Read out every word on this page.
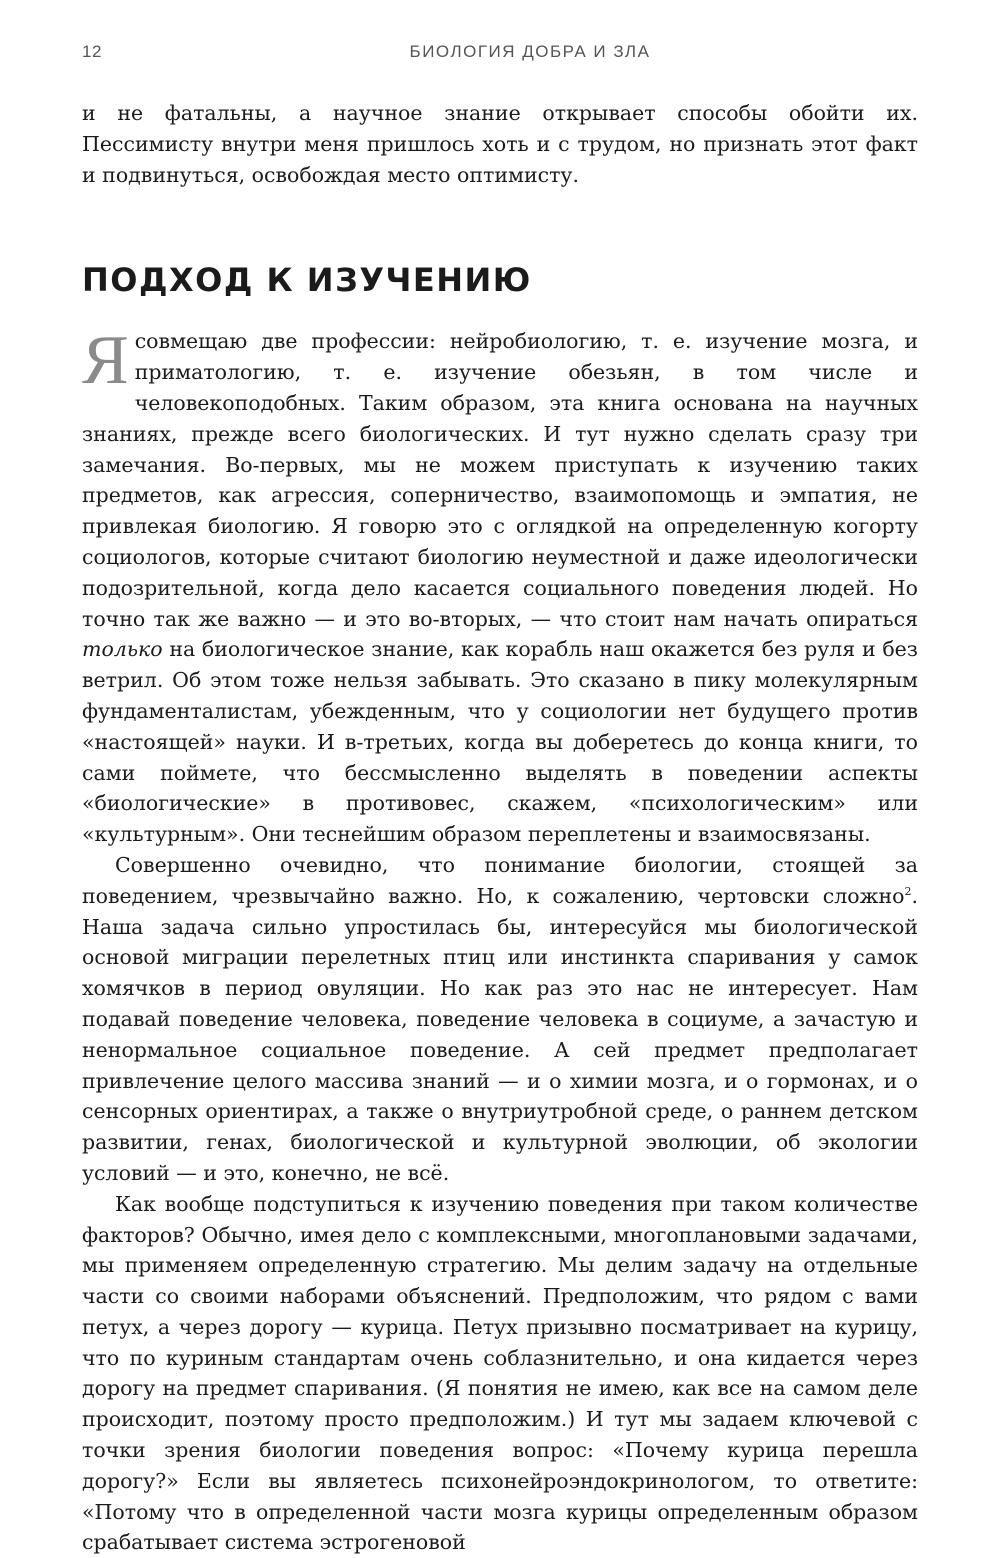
12	БИОЛОГИЯ ДОБРА И ЗЛА

и не фатальны, а научное знание открывает способы обойти их. Пессимисту внутри меня пришлось хоть и с трудом, но признать этот факт и подвинуться, освобождая место оптимисту.

ПОДХОД К ИЗУЧЕНИЮ

Ясовмещаю две профессии: нейробиологию, т. е. изучение мозга, и приматологию, т. е. изучение обезьян, в том числе и человекоподобных. Таким образом, эта книга основана на научных знаниях, прежде всего биологических. И тут нужно сделать сразу три замечания. Во-первых, мы не можем приступать к изучению таких предметов, как агрессия, соперничество, взаимопомощь и эмпатия, не привлекая биологию. Я говорю это с оглядкой на определенную когорту социологов, которые считают биологию неуместной и даже идеологически подозрительной, когда дело касается социального поведения людей. Но точно так же важно — и это во-вторых, — что стоит нам начать опираться только на биологическое знание, как корабль наш окажется без руля и без ветрил. Об этом тоже нельзя забывать. Это сказано в пику молекулярным фундаменталистам, убежденным, что у социологии нет будущего против «настоящей» науки. И в-третьих, когда вы доберетесь до конца книги, то сами поймете, что бессмысленно выделять в поведении аспекты «биологические» в противовес, скажем, «психологическим» или «культурным». Они теснейшим образом переплетены и взаимосвязаны.

Совершенно очевидно, что понимание биологии, стоящей за поведением, чрезвычайно важно. Но, к сожалению, чертовски сложно$^2$. Наша задача сильно упростилась бы, интересуйся мы биологической основой миграции перелетных птиц или инстинкта спаривания у самок хомячков в период овуляции. Но как раз это нас не интересует. Нам подавай поведение человека, поведение человека в социуме, а зачастую и ненормальное социальное поведение. А сей предмет предполагает привлечение целого массива знаний — и о химии мозга, и о гормонах, и о сенсорных ориентирах, а также о внутриутробной среде, о раннем детском развитии, генах, биологической и культурной эволюции, об экологии условий — и это, конечно, не всё.

Как вообще подступиться к изучению поведения при таком количестве факторов? Обычно, имея дело с комплексными, многоплановыми задачами, мы применяем определенную стратегию. Мы делим задачу на отдельные части со своими наборами объяснений. Предположим, что рядом с вами петух, а через дорогу — курица. Петух призывно посматривает на курицу, что по куриным стандартам очень соблазнительно, и она кидается через дорогу на предмет спаривания. (Я понятия не имею, как все на самом деле происходит, поэтому просто предположим.) И тут мы задаем ключевой с точки зрения биологии поведения вопрос: «Почему курица перешла дорогу?» Если вы являетесь психонейроэндокринологом, то ответите: «Потому что в определенной части мозга курицы определенным образом срабатывает система эстрогеновой
